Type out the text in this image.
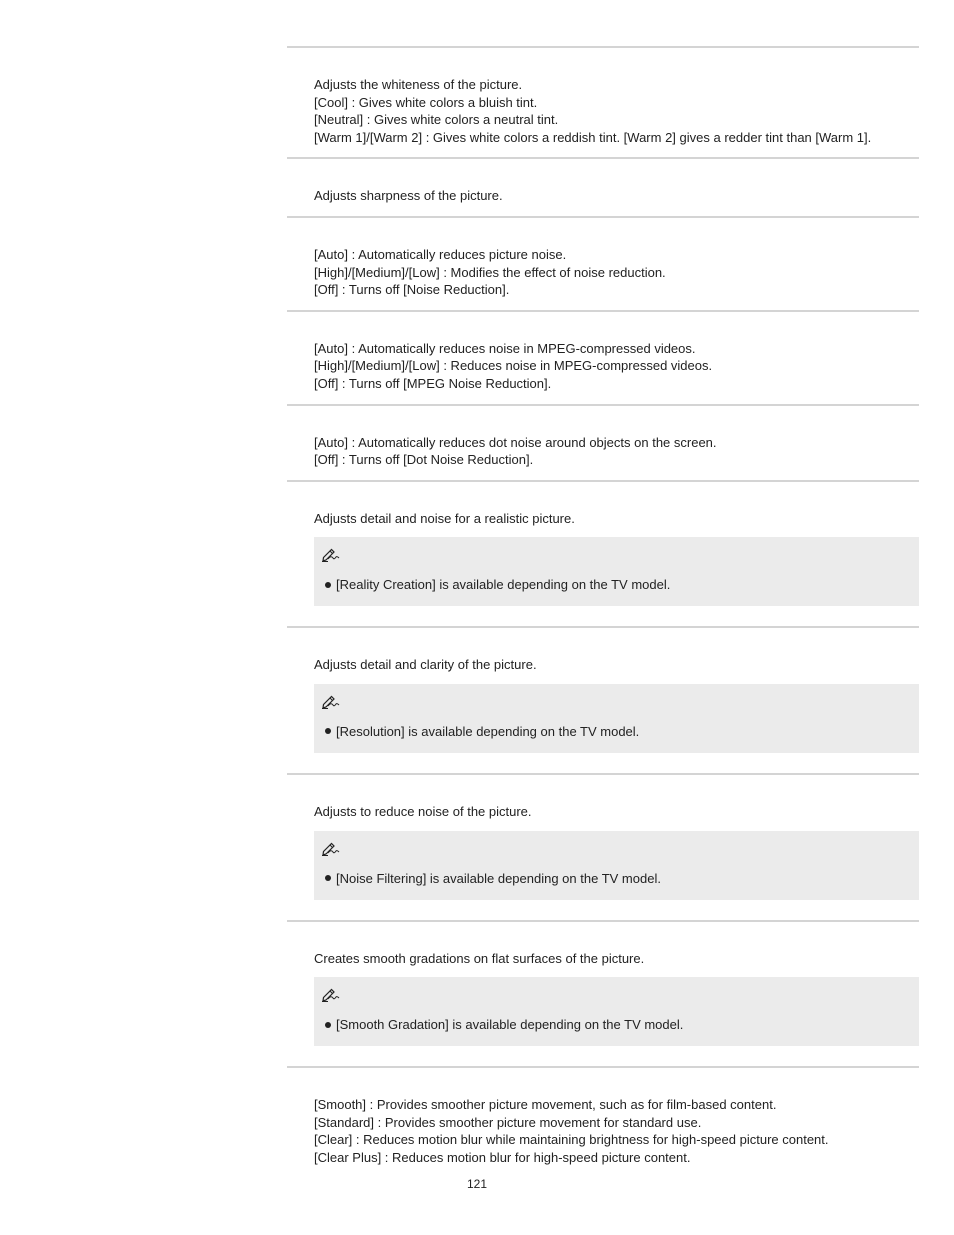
Adjusts the whiteness of the picture.
[Cool] : Gives white colors a bluish tint.
[Neutral] : Gives white colors a neutral tint.
[Warm 1]/[Warm 2] : Gives white colors a reddish tint. [Warm 2] gives a redder tint than [Warm 1].
Adjusts sharpness of the picture.
[Auto] : Automatically reduces picture noise.
[High]/[Medium]/[Low] : Modifies the effect of noise reduction.
[Off] : Turns off [Noise Reduction].
[Auto] : Automatically reduces noise in MPEG-compressed videos.
[High]/[Medium]/[Low] : Reduces noise in MPEG-compressed videos.
[Off] : Turns off [MPEG Noise Reduction].
[Auto] : Automatically reduces dot noise around objects on the screen.
[Off] : Turns off [Dot Noise Reduction].
Adjusts detail and noise for a realistic picture.
[Reality Creation] is available depending on the TV model.
Adjusts detail and clarity of the picture.
[Resolution] is available depending on the TV model.
Adjusts to reduce noise of the picture.
[Noise Filtering] is available depending on the TV model.
Creates smooth gradations on flat surfaces of the picture.
[Smooth Gradation] is available depending on the TV model.
[Smooth] : Provides smoother picture movement, such as for film-based content.
[Standard] : Provides smoother picture movement for standard use.
[Clear] : Reduces motion blur while maintaining brightness for high-speed picture content.
[Clear Plus] : Reduces motion blur for high-speed picture content.
121
